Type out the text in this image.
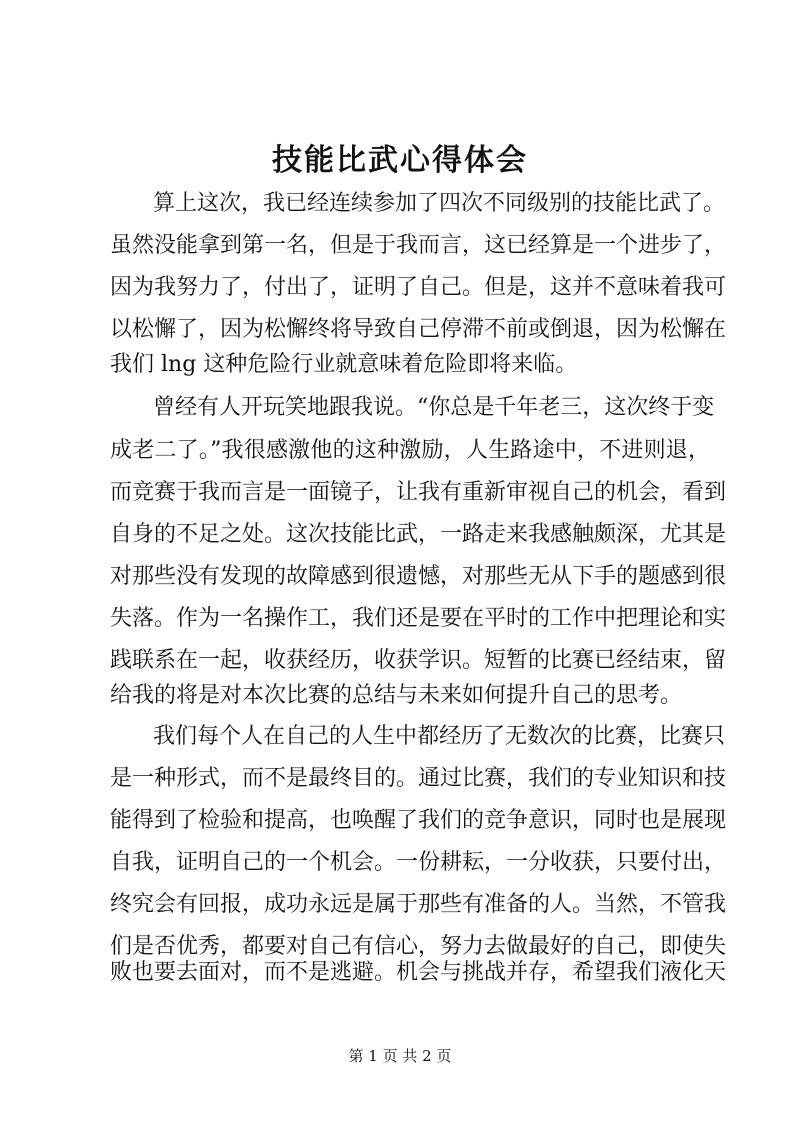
技能比武心得体会
算上这次，我已经连续参加了四次不同级别的技能比武了。
虽然没能拿到第一名，但是于我而言，这已经算是一个进步了，
因为我努力了，付出了，证明了自己。但是，这并不意味着我可
以松懈了，因为松懈终将导致自己停滞不前或倒退，因为松懈在
我们 lng 这种危险行业就意味着危险即将来临。
曾经有人开玩笑地跟我说。“你总是千年老三，这次终于变
成老二了。”我很感激他的这种激励，人生路途中，不进则退，
而竞赛于我而言是一面镜子，让我有重新审视自己的机会，看到
自身的不足之处。这次技能比武，一路走来我感触颇深，尤其是
对那些没有发现的故障感到很遗憾，对那些无从下手的题感到很
失落。作为一名操作工，我们还是要在平时的工作中把理论和实
践联系在一起，收获经历，收获学识。短暂的比赛已经结束，留
给我的将是对本次比赛的总结与未来如何提升自己的思考。
我们每个人在自己的人生中都经历了无数次的比赛，比赛只
是一种形式，而不是最终目的。通过比赛，我们的专业知识和技
能得到了检验和提高，也唤醒了我们的竞争意识，同时也是展现
自我，证明自己的一个机会。一份耕耘，一分收获，只要付出，
终究会有回报，成功永远是属于那些有准备的人。当然，不管我
们是否优秀，都要对自己有信心，努力去做最好的自己，即使失
败也要去面对，而不是逃避。机会与挑战并存，希望我们液化天
第 1 页 共 2 页
